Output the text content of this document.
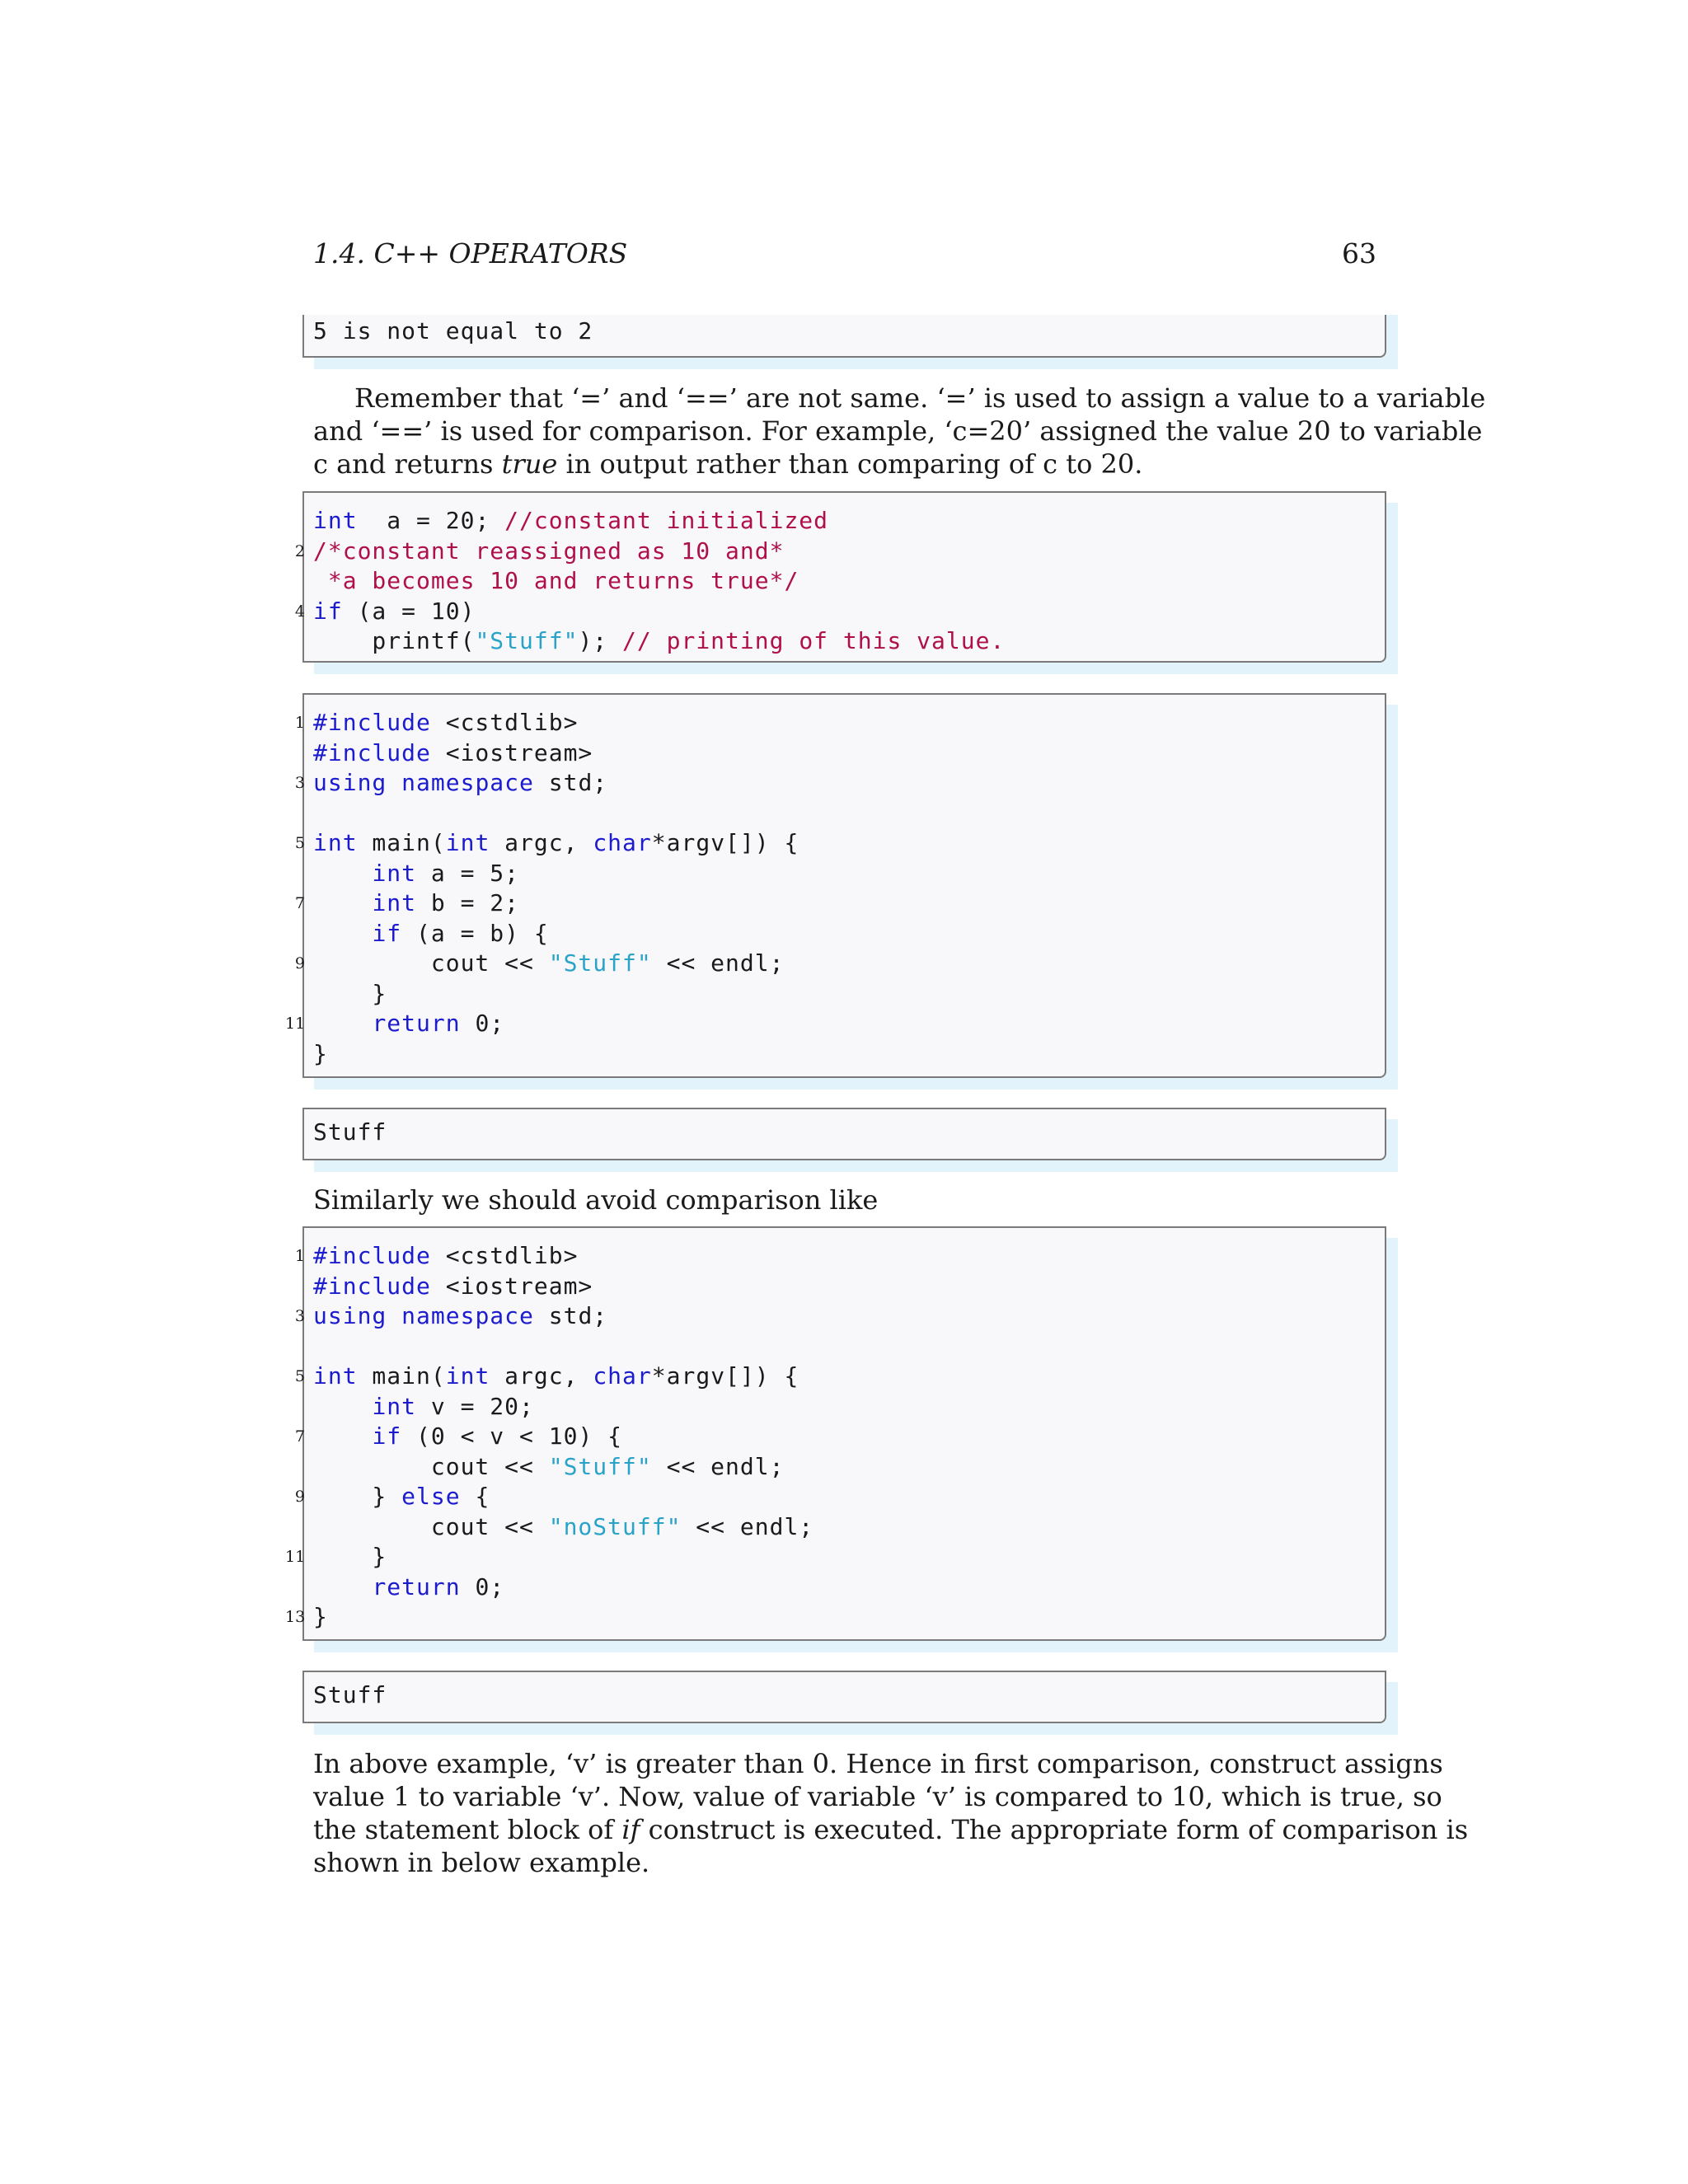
1.4. C++ OPERATORS	63
5 is not equal to 2

Remember that ‘=’ and ‘==’ are not same. ‘=’ is used to assign a value to a variable
and ‘==’ is used for comparison. For example, ‘c=20’ assigned the value 20 to variable
c and returns true in output rather than comparing of c to 20.

int  a = 20; //constant initialized
2 /*constant reassigned as 10 and*
*a becomes 10 and returns true*/
4 if (a = 10)
printf("Stuff"); // printing of this value.
1 #include <cstdlib>
#include <iostream>
3 using namespace std;
5 int main(int argc, char*argv[]) {
int a = 5;
7	int b = 2;
if (a = b) {
9 cout << "Stuff" << endl;
}
11	return 0;
}
Stuff

Similarly we should avoid comparison like

1 #include <cstdlib>
#include <iostream>
3 using namespace std;
5 int main(int argc, char*argv[]) {
int v = 20;
7	if (0 < v < 10) {
cout << "Stuff" << endl;
9 } else {
cout << "noStuff" << endl;
11 }
return 0;
13 }
Stuff

In above example, ‘v’ is greater than 0. Hence in first comparison, construct assigns
value 1 to variable ‘v’. Now, value of variable ‘v’ is compared to 10, which is true, so
the statement block of if construct is executed. The appropriate form of comparison is
shown in below example.
